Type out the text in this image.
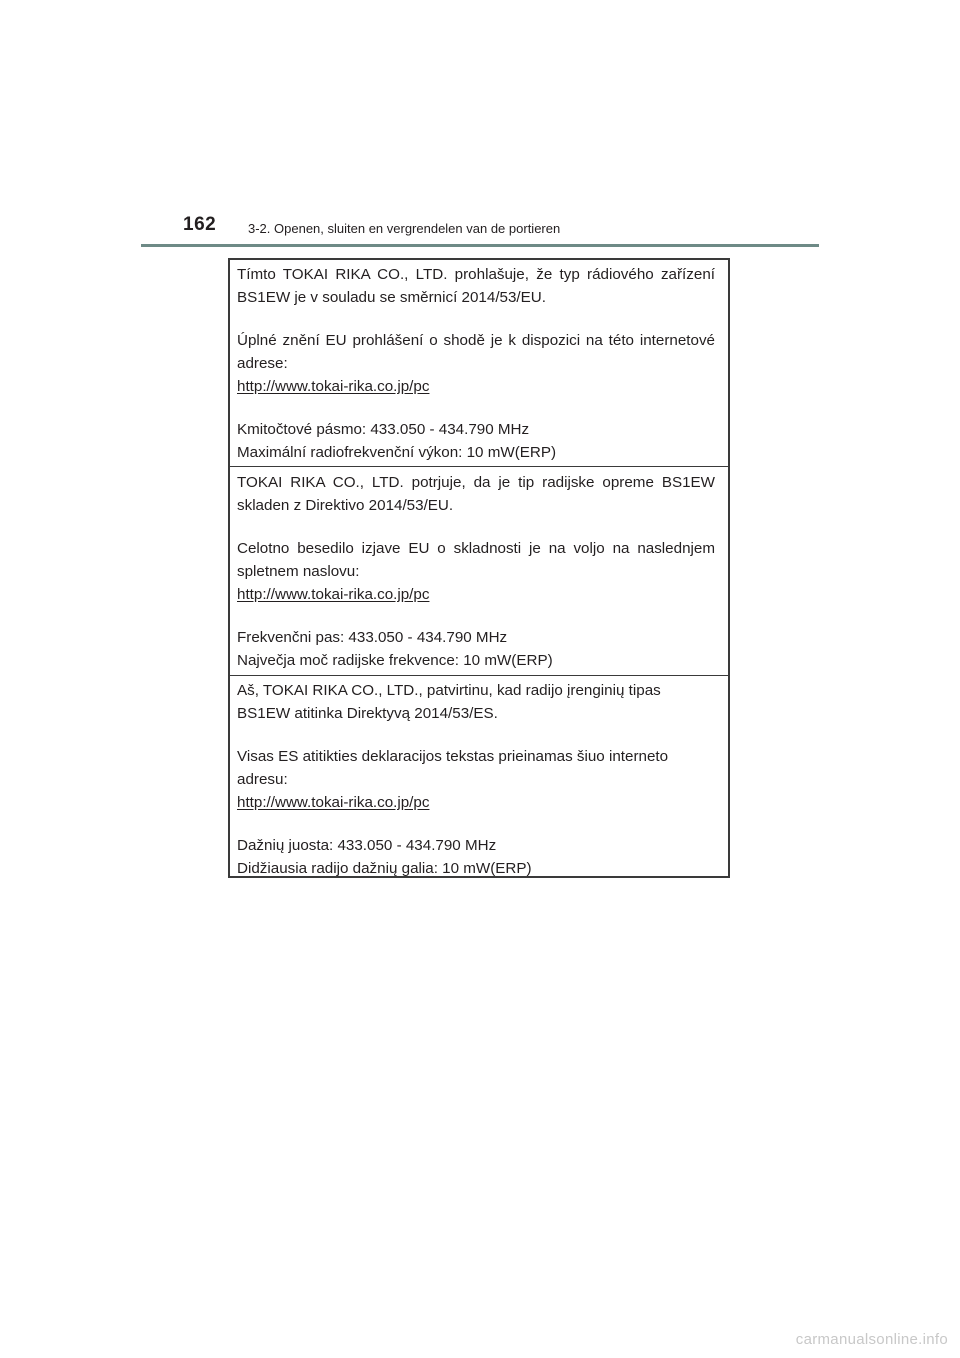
162 3-2. Openen, sluiten en vergrendelen van de portieren

Tímto TOKAI RIKA CO., LTD. prohlašuje, že typ rádiového zařízení BS1EW je v souladu se směrnicí 2014/53/EU.

Úplné znění EU prohlášení o shodě je k dispozici na této internetové adrese:

http://www.tokai-rika.co.jp/pc

Kmitočtové pásmo: 433.050 - 434.790 MHz

Maximální radiofrekvenční výkon: 10 mW(ERP)

TOKAI RIKA CO., LTD. potrjuje, da je tip radijske opreme BS1EW skladen z Direktivo 2014/53/EU.

Celotno besedilo izjave EU o skladnosti je na voljo na naslednjem spletnem naslovu:

http://www.tokai-rika.co.jp/pc

Frekvenčni pas: 433.050 - 434.790 MHz

Največja moč radijske frekvence: 10 mW(ERP)

Aš, TOKAI RIKA CO., LTD., patvirtinu, kad radijo įrenginių tipas BS1EW atitinka Direktyvą 2014/53/ES.

Visas ES atitikties deklaracijos tekstas prieinamas šiuo interneto adresu:

http://www.tokai-rika.co.jp/pc

Dažnių juosta: 433.050 - 434.790 MHz

Didžiausia radijo dažnių galia: 10 mW(ERP)

carmanualsonline.info
